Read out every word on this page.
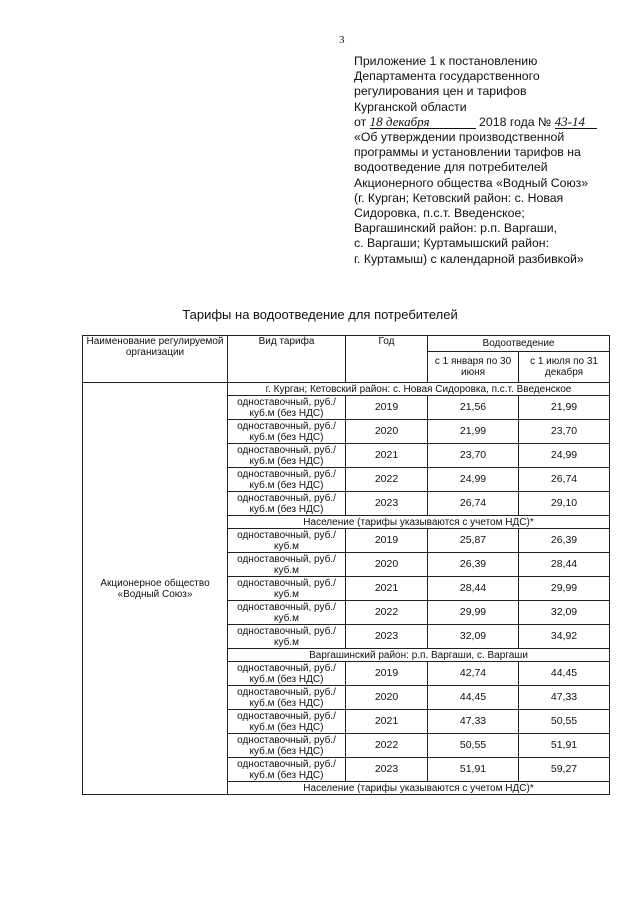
3
Приложение 1 к постановлению
Департамента государственного
регулирования цен и тарифов
Курганской области
от 18 декабря	2018 года № 43-14
«Об утверждении производственной
программы и установлении тарифов на
водоотведение для потребителей
Акционерного общества «Водный Союз»
(г. Курган; Кетовский район: с. Новая
Сидоровка, п.с.т. Введенское;
Варгашинский район: р.п. Варгаши,
с. Варгаши; Куртамышский район:
г. Куртамыш) с календарной разбивкой»
Тарифы на водоотведение для потребителей
Наименование регулируемой организации	Вид тарифа	Год	Водоотведение	
			с 1 января по 30 июня	с 1 июля по 31 декабря
Акционерное общество «Водный Союз»	г. Курган; Кетовский район: с. Новая Сидоровка, п.с.т. Введенское			
	одноставочный, руб./куб.м (без НДС)	2019	21,56	21,99
	одноставочный, руб./куб.м (без НДС)	2020	21,99	23,70
	одноставочный, руб./куб.м (без НДС)	2021	23,70	24,99
	одноставочный, руб./куб.м (без НДС)	2022	24,99	26,74
	одноставочный, руб./куб.м (без НДС)	2023	26,74	29,10
	Население (тарифы указываются с учетом НДС)*			
	одноставочный, руб./куб.м	2019	25,87	26,39
	одноставочный, руб./куб.м	2020	26,39	28,44
	одноставочный, руб./куб.м	2021	28,44	29,99
	одноставочный, руб./куб.м	2022	29,99	32,09
	одноставочный, руб./куб.м	2023	32,09	34,92
	Варгашинский район: р.п. Варгаши, с. Варгаши			
	одноставочный, руб./куб.м (без НДС)	2019	42,74	44,45
	одноставочный, руб./куб.м (без НДС)	2020	44,45	47,33
	одноставочный, руб./куб.м (без НДС)	2021	47,33	50,55
	одноставочный, руб./куб.м (без НДС)	2022	50,55	51,91
	одноставочный, руб./куб.м (без НДС)	2023	51,91	59,27
	Население (тарифы указываются с учетом НДС)*			
